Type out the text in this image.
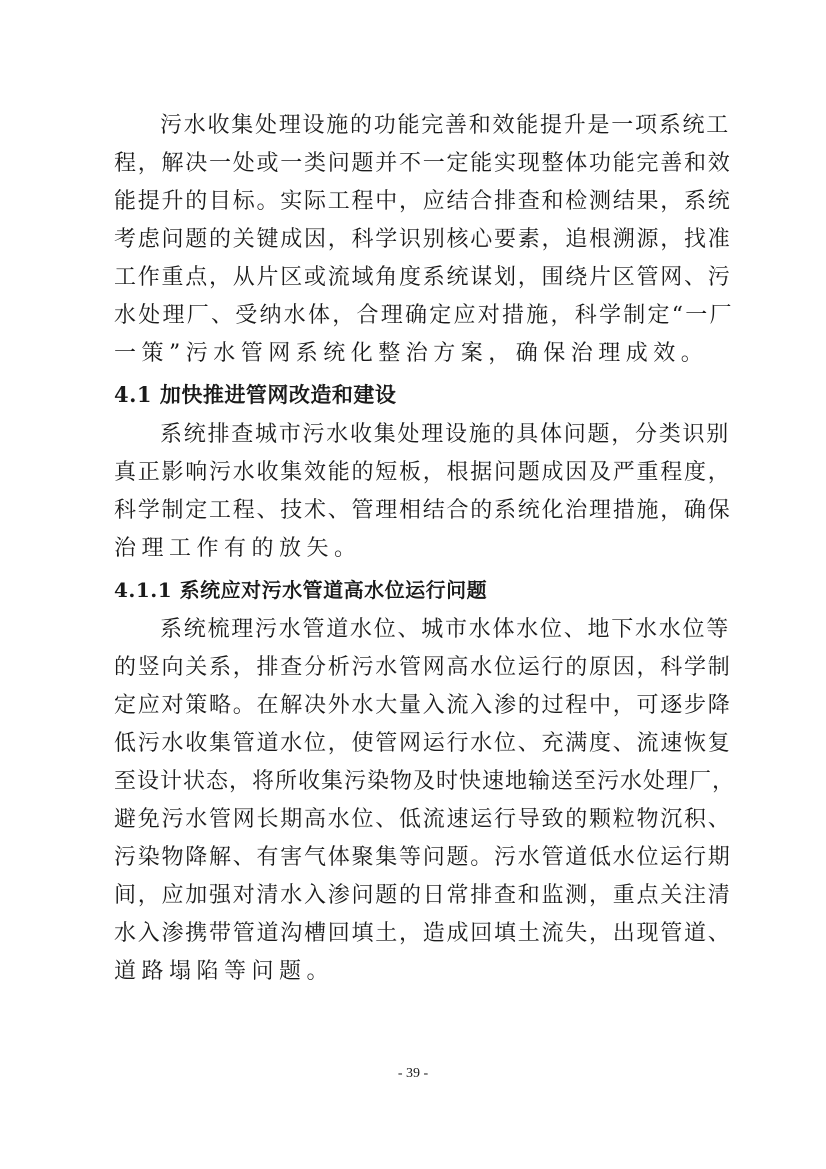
污水收集处理设施的功能完善和效能提升是一项系统工
程，解决一处或一类问题并不一定能实现整体功能完善和效
能提升的目标。实际工程中，应结合排查和检测结果，系统
考虑问题的关键成因，科学识别核心要素，追根溯源，找准
工作重点，从片区或流域角度系统谋划，围绕片区管网、污
水处理厂、受纳水体，合理确定应对措施，科学制定“一厂
一策”污水管网系统化整治方案，确保治理成效。
4.1 加快推进管网改造和建设
系统排查城市污水收集处理设施的具体问题，分类识别
真正影响污水收集效能的短板，根据问题成因及严重程度，
科学制定工程、技术、管理相结合的系统化治理措施，确保
治理工作有的放矢。
4.1.1 系统应对污水管道高水位运行问题
系统梳理污水管道水位、城市水体水位、地下水水位等
的竖向关系，排查分析污水管网高水位运行的原因，科学制
定应对策略。在解决外水大量入流入渗的过程中，可逐步降
低污水收集管道水位，使管网运行水位、充满度、流速恢复
至设计状态，将所收集污染物及时快速地输送至污水处理厂，
避免污水管网长期高水位、低流速运行导致的颗粒物沉积、
污染物降解、有害气体聚集等问题。污水管道低水位运行期
间，应加强对清水入渗问题的日常排查和监测，重点关注清
水入渗携带管道沟槽回填土，造成回填土流失，出现管道、
道路塌陷等问题。
- 39 -
